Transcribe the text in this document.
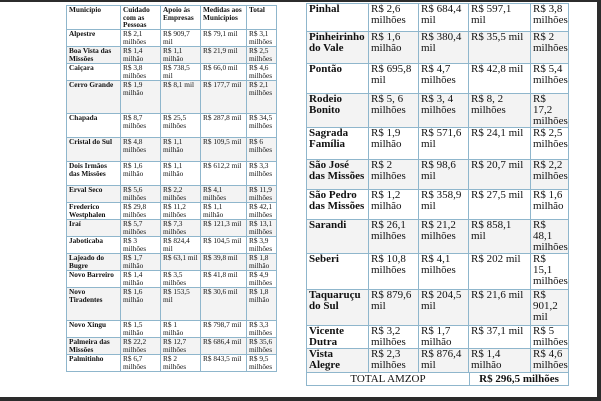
Município	Cuidado com as Pessoas	Apoio às Empresas	Medidas aos Municípios	Total
Alpestre	R$ 2,1 milhões	R$ 909,7 mil	R$ 79,1 mil	R$ 3,1 milhões
Boa Vista das Missões	R$ 1,4 milhão	R$ 1,1 milhão	R$ 21,9 mil	R$ 2,5 milhões
Caiçara	R$ 3,8 milhões	R$ 738,5 mil	R$ 66,0 mil	R$ 4,6 milhões
Cerro Grande	R$ 1,9 milhão	R$ 8,1 mil	R$ 177,7 mil	R$ 2,1 milhões
Chapada	R$ 8,7 milhões	R$ 25,5 milhões	R$ 287,8 mil	R$ 34,5 milhões
Cristal do Sul	R$ 4,8 milhões	R$ 1,1 milhão	R$ 109,5 mil	R$ 6 milhões
Dois Irmãos das Missões	R$ 1,6 milhão	R$ 1,1 milhão	R$ 612,2 mil	R$ 3,3 milhões
Erval Seco	R$ 5,6 milhões	R$ 2,2 milhões	R$ 4,1 milhões	R$ 11,9 milhões
Frederico Westphalen	R$ 29,8 milhões	R$ 11,2 milhões	R$ 1,1 milhão	R$ 42,1 milhões
Iraí	R$ 5,7 milhões	R$ 7,3 milhões	R$ 121,3 mil	R$ 13,1 milhões
Jaboticaba	R$ 3 milhões	R$ 824,4 mil	R$ 104,5 mil	R$ 3,9 milhões
Lajeado do Bugre	R$ 1,7 milhão	R$ 63,1 mil	R$ 39,8 mil	R$ 1,8 milhão
Novo Barreiro	R$ 1,4 milhão	R$ 3,5 milhões	R$ 41,8 mil	R$ 4,9 milhões
Novo Tiradentes	R$ 1,6 milhão	R$ 153,5 mil	R$ 30,6 mil	R$ 1,8 milhão
Novo Xingu	R$ 1,5 milhão	R$ 1 milhão	R$ 798,7 mil	R$ 3,3 milhões
Palmeira das Missões	R$ 22,2 milhões	R$ 12,7 milhões	R$ 686,4 mil	R$ 35,6 milhões
Palmitinho	R$ 6,7 milhões	R$ 2 milhões	R$ 843,5 mil	R$ 9,5 milhões
Pinhal	R$ 2,6 milhões	R$ 684,4 mil	R$ 597,1 mil	R$ 3,8 milhões
Pinheirinho do Vale	R$ 1,6 milhão	R$ 380,4 mil	R$ 35,5 mil	R$ 2 milhões
Pontão	R$ 695,8 mil	R$ 4,7 milhões	R$ 42,8 mil	R$ 5,4 milhões
Rodeio Bonito	R$ 5, 6 milhões	R$ 3, 4 milhões	R$ 8, 2 milhões	R$ 17,2 milhões
Sagrada Família	R$ 1,9 milhão	R$ 571,6 mil	R$ 24,1 mil	R$ 2,5 milhões
São José das Missões	R$ 2 milhões	R$ 98,6 mil	R$ 20,7 mil	R$ 2,2 milhões
São Pedro das Missões	R$ 1,2 milhão	R$ 358,9 mil	R$ 27,5 mil	R$ 1,6 milhão
Sarandi	R$ 26,1 milhões	R$ 21,2 milhões	R$ 858,1 mil	R$ 48,1 milhões
Seberi	R$ 10,8 milhões	R$ 4,1 milhões	R$ 202 mil	R$ 15,1 milhões
Taquaruçu do Sul	R$ 879,6 mil	R$ 204,5 mil	R$ 21,6 mil	R$ 901,2 mil
Vicente Dutra	R$ 3,2 milhões	R$ 1,7 milhão	R$ 37,1 mil	R$ 5 milhões
Vista Alegre	R$ 2,3 milhões	R$ 876,4 mil	R$ 1,4 milhão	R$ 4,6 milhões
TOTAL AMZOP	R$ 296,5 milhões
